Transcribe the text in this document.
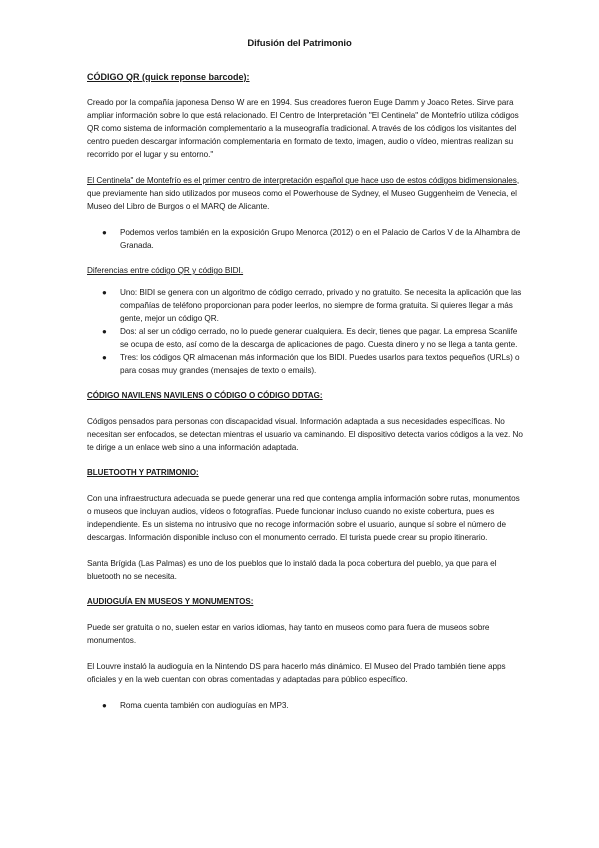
Difusión del Patrimonio
CÓDIGO QR (quick reponse barcode):
Creado por la compañía japonesa Denso W are en 1994. Sus creadores fueron Euge Damm y Joaco Retes. Sirve para ampliar información sobre lo que está relacionado. El Centro de Interpretación "El Centinela" de Montefrío utiliza códigos QR como sistema de información complementario a la museografía tradicional. A través de los códigos los visitantes del centro pueden descargar información complementaria en formato de texto, imagen, audio o vídeo, mientras realizan su recorrido por el lugar y su entorno."
El Centinela" de Montefrío es el primer centro de interpretación español que hace uso de estos códigos bidimensionales, que previamente han sido utilizados por museos como el Powerhouse de Sydney, el Museo Guggenheim de Venecia, el Museo del Libro de Burgos o el MARQ de Alicante.
● Podemos verlos también en la exposición Grupo Menorca (2012) o en el Palacio de Carlos V de la Alhambra de Granada.
Diferencias entre código QR y código BIDI.
● Uno: BIDI se genera con un algoritmo de código cerrado, privado y no gratuito. Se necesita la aplicación que las compañías de teléfono proporcionan para poder leerlos, no siempre de forma gratuita. Si quieres llegar a más gente, mejor un código QR.
● Dos: al ser un código cerrado, no lo puede generar cualquiera. Es decir, tienes que pagar. La empresa Scanlife se ocupa de esto, así como de la descarga de aplicaciones de pago. Cuesta dinero y no se llega a tanta gente.
● Tres: los códigos QR almacenan más información que los BIDI. Puedes usarlos para textos pequeños (URLs) o para cosas muy grandes (mensajes de texto o emails).
CÓDIGO NAVILENS NAVILENS O CÓDIGO O CÓDIGO DDTAG:
Códigos pensados para personas con discapacidad visual. Información adaptada a sus necesidades específicas. No necesitan ser enfocados, se detectan mientras el usuario va caminando. El dispositivo detecta varios códigos a la vez. No te dirige a un enlace web sino a una información adaptada.
BLUETOOTH Y PATRIMONIO:
Con una infraestructura adecuada se puede generar una red que contenga amplia información sobre rutas, monumentos o museos que incluyan audios, vídeos o fotografías. Puede funcionar incluso cuando no existe cobertura, pues es independiente. Es un sistema no intrusivo que no recoge información sobre el usuario, aunque sí sobre el número de descargas. Información disponible incluso con el monumento cerrado. El turista puede crear su propio itinerario.
Santa Brígida (Las Palmas) es uno de los pueblos que lo instaló dada la poca cobertura del pueblo, ya que para el bluetooth no se necesita.
AUDIOGUÍA EN MUSEOS Y MONUMENTOS:
Puede ser gratuita o no, suelen estar en varios idiomas, hay tanto en museos como para fuera de museos sobre monumentos.
El Louvre instaló la audioguía en la Nintendo DS para hacerlo más dinámico. El Museo del Prado también tiene apps oficiales y en la web cuentan con obras comentadas y adaptadas para público específico.
● Roma cuenta también con audioguías en MP3.
